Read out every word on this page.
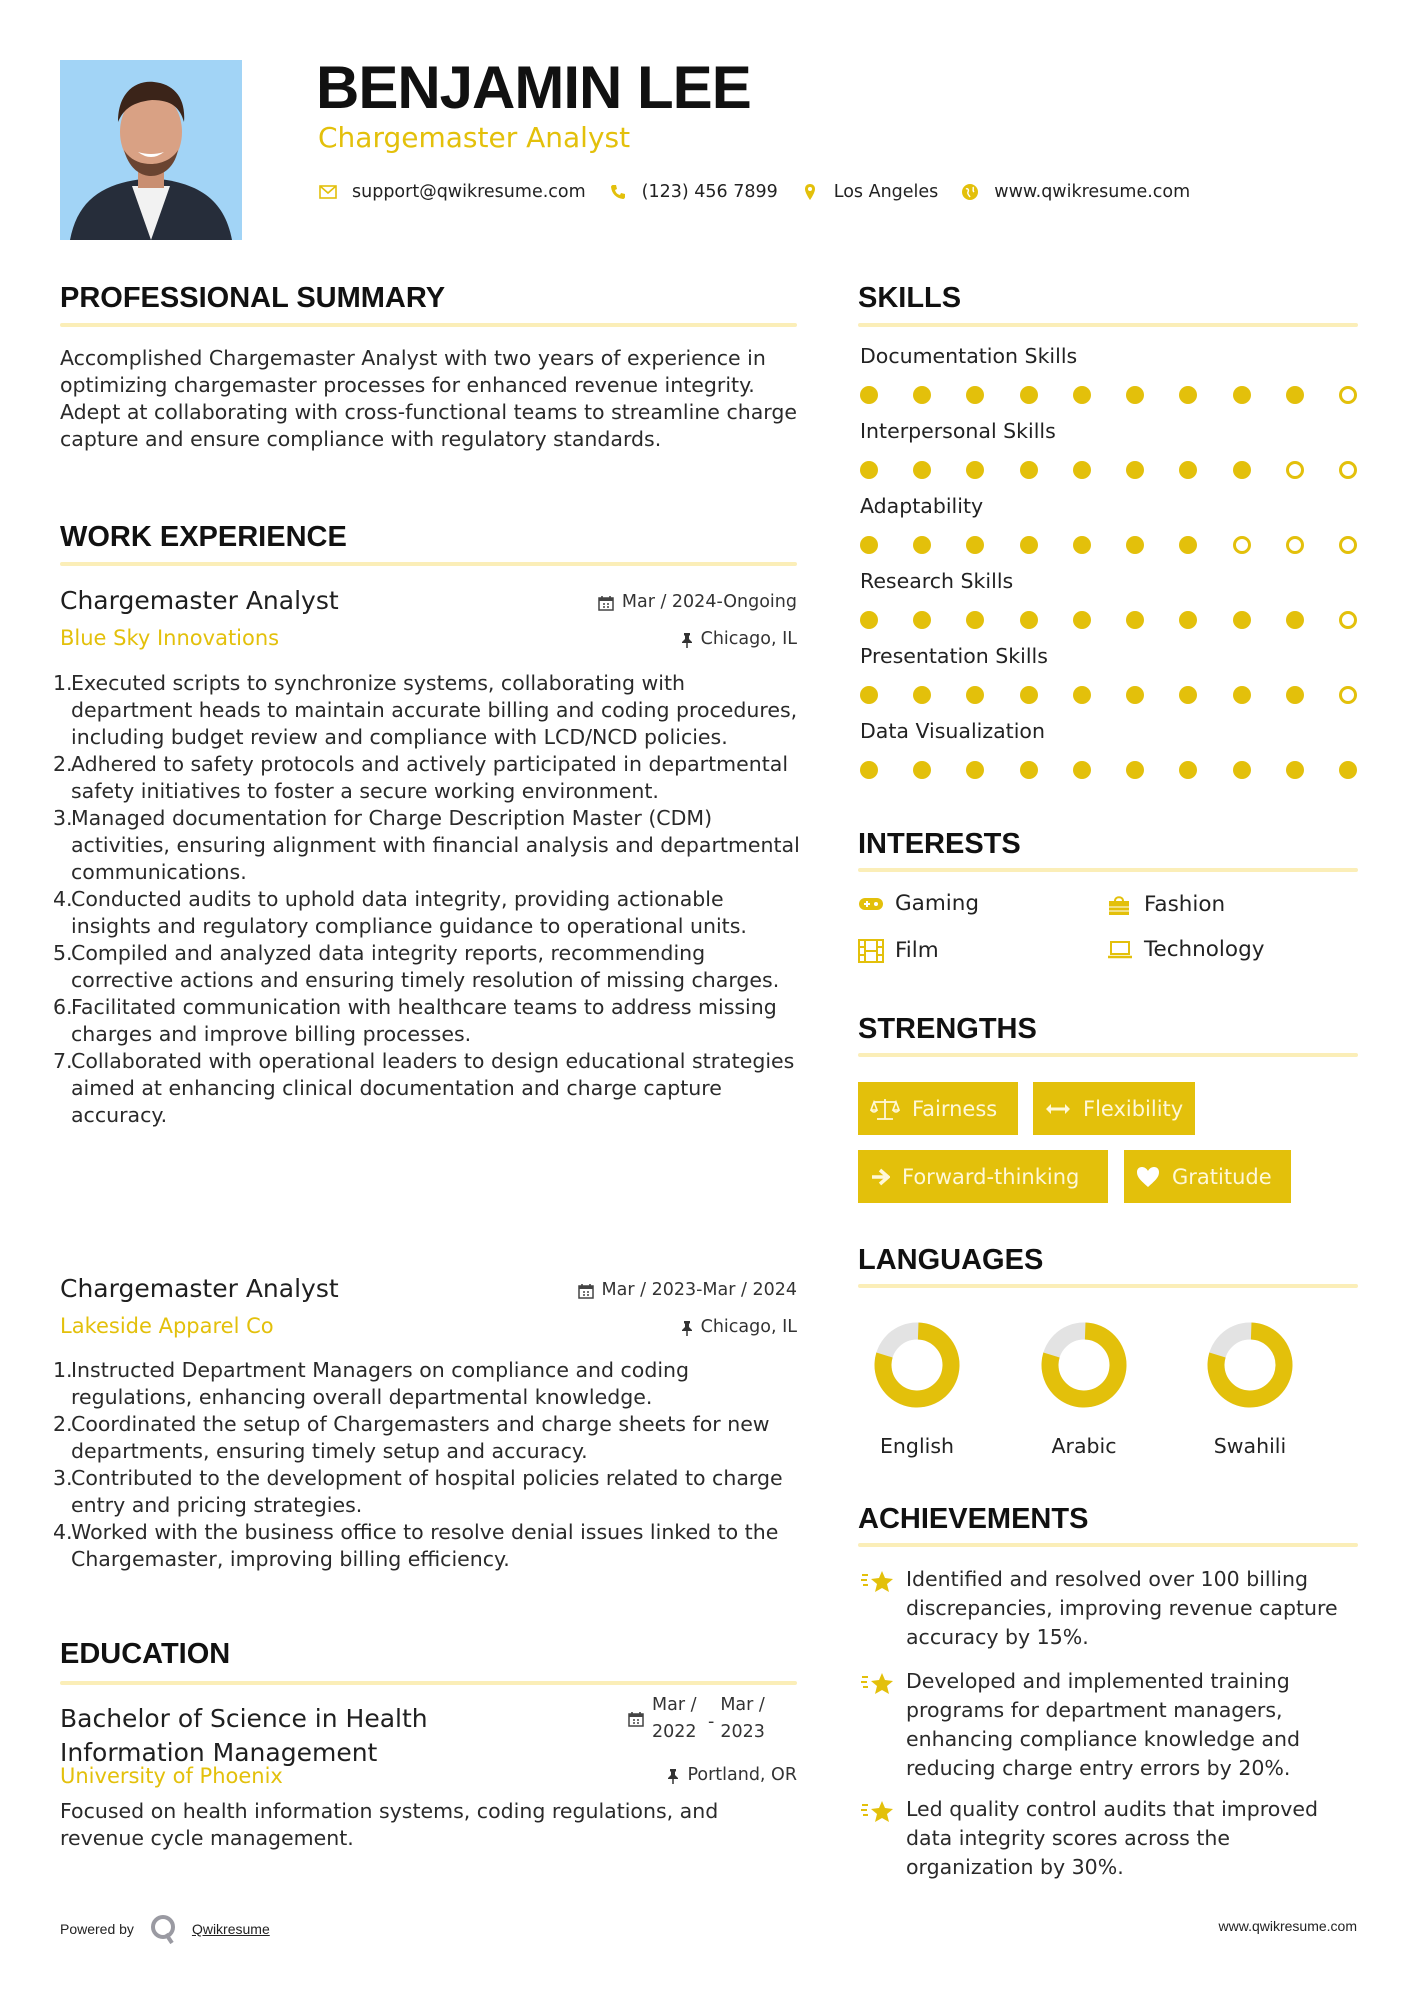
BENJAMIN LEE
Chargemaster Analyst
support@qwikresume.com	(123) 456 7899	Los Angeles	www.qwikresume.com
PROFESSIONAL SUMMARY
Accomplished Chargemaster Analyst with two years of experience in optimizing chargemaster processes for enhanced revenue integrity. Adept at collaborating with cross-functional teams to streamline charge capture and ensure compliance with regulatory standards.
WORK EXPERIENCE
Chargemaster Analyst	Mar / 2024-Ongoing
Blue Sky Innovations	Chicago, IL
1.
Executed scripts to synchronize systems, collaborating with department heads to maintain accurate billing and coding procedures, including budget review and compliance with LCD/NCD policies.
2.
Adhered to safety protocols and actively participated in departmental safety initiatives to foster a secure working environment.
3.
Managed documentation for Charge Description Master (CDM) activities, ensuring alignment with financial analysis and departmental communications.
4.
Conducted audits to uphold data integrity, providing actionable insights and regulatory compliance guidance to operational units.
5.
Compiled and analyzed data integrity reports, recommending corrective actions and ensuring timely resolution of missing charges.
6.
Facilitated communication with healthcare teams to address missing charges and improve billing processes.
7.
Collaborated with operational leaders to design educational strategies aimed at enhancing clinical documentation and charge capture accuracy.
Chargemaster Analyst	Mar / 2023-Mar / 2024
Lakeside Apparel Co	Chicago, IL
1.
Instructed Department Managers on compliance and coding regulations, enhancing overall departmental knowledge.
2.
Coordinated the setup of Chargemasters and charge sheets for new departments, ensuring timely setup and accuracy.
3.
Contributed to the development of hospital policies related to charge entry and pricing strategies.
4.
Worked with the business office to resolve denial issues linked to the Chargemaster, improving billing efficiency.
EDUCATION
Bachelor of Science in Health Information Management
Mar / 2022
-
Mar / 2023
University of Phoenix	Portland, OR
Focused on health information systems, coding regulations, and revenue cycle management.
SKILLS
Documentation Skills
Interpersonal Skills
Adaptability
Research Skills
Presentation Skills
Data Visualization
INTERESTS
Gaming	Fashion
Film	Technology
STRENGTHS
Fairness	Flexibility
Forward-thinking	Gratitude
LANGUAGES
English	Arabic	Swahili
ACHIEVEMENTS
Identified and resolved over 100 billing discrepancies, improving revenue capture accuracy by 15%.
Developed and implemented training programs for department managers, enhancing compliance knowledge and reducing charge entry errors by 20%.
Led quality control audits that improved data integrity scores across the organization by 30%.
Powered by	Qwikresume	www.qwikresume.com
